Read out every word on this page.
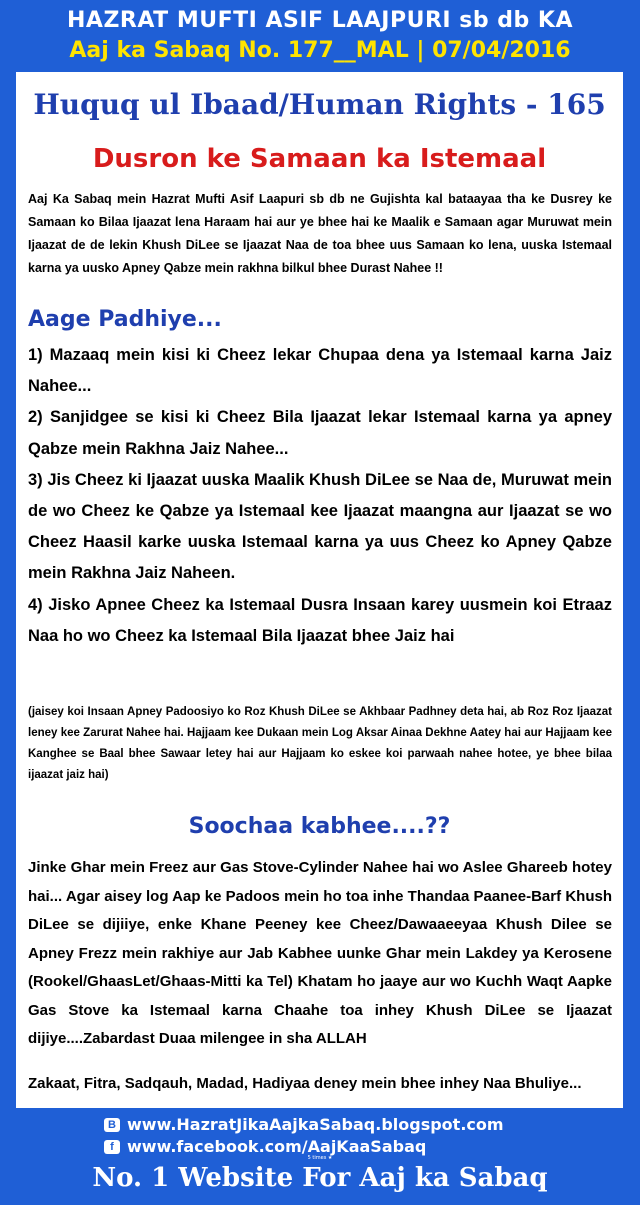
HAZRAT MUFTI ASIF LAAJPURI sb db KA
Aaj ka Sabaq No. 177__MAL | 07/04/2016
Huquq ul Ibaad/Human Rights - 165
Dusron ke Samaan ka Istemaal
Aaj Ka Sabaq mein Hazrat Mufti Asif Laapuri sb db ne Gujishta kal bataayaa tha ke Dusrey ke Samaan ko Bilaa Ijaazat lena Haraam hai aur ye bhee hai ke Maalik e Samaan agar Muruwat mein Ijaazat de de lekin Khush DiLee se Ijaazat Naa de toa bhee uus Samaan ko lena, uuska Istemaal karna ya uusko Apney Qabze mein rakhna bilkul bhee Durast Nahee !!
Aage Padhiye...

1) Mazaaq mein kisi ki Cheez lekar Chupaa dena ya Istemaal karna Jaiz Nahee...

2) Sanjidgee se kisi ki Cheez Bila Ijaazat lekar Istemaal karna ya apney Qabze mein Rakhna Jaiz Nahee...

3) Jis Cheez ki Ijaazat uuska Maalik Khush DiLee se Naa de, Muruwat mein de wo Cheez ke Qabze ya Istemaal kee Ijaazat maangna aur Ijaazat se wo Cheez Haasil karke uuska Istemaal karna ya uus Cheez ko Apney Qabze mein Rakhna Jaiz Naheen.

4) Jisko Apnee Cheez ka Istemaal Dusra Insaan karey uusmein koi Etraaz Naa ho wo Cheez ka Istemaal Bila Ijaazat bhee Jaiz hai

(jaisey koi Insaan Apney Padoosiyo ko Roz Khush DiLee se Akhbaar Padhney deta hai, ab Roz Roz Ijaazat leney kee Zarurat Nahee hai. Hajjaam kee Dukaan mein Log Aksar Ainaa Dekhne Aatey hai aur Hajjaam kee Kanghee se Baal bhee Sawaar letey hai aur Hajjaam ko eskee koi parwaah nahee hotee, ye bhee bilaa ijaazat jaiz hai)
Soochaa kabhee....??
Jinke Ghar mein Freez aur Gas Stove-Cylinder Nahee hai wo Aslee Ghareeb hotey hai... Agar aisey log Aap ke Padoos mein ho toa inhe Thandaa Paanee-Barf Khush DiLee se dijiiye, enke Khane Peeney kee Cheez/Dawaaeeyaa Khush Dilee se Apney Frezz mein rakhiye aur Jab Kabhee uunke Ghar mein Lakdey ya Kerosene (Rookel/GhaasLet/Ghaas-Mitti ka Tel) Khatam ho jaaye aur wo Kuchh Waqt Aapke Gas Stove ka Istemaal karna Chaahe toa inhey Khush DiLee se Ijaazat dijiye....Zabardast Duaa milengee in sha ALLAH
Zakaat, Fitra, Sadqauh, Madad, Hadiyaa deney mein bhee inhey Naa Bhuliye...
B www.HazratJikaAajkaSabaq.blogspot.com
f www.facebook.com/AajKaaSabaq
5 times ★
No. 1 Website For Aaj ka Sabaq
